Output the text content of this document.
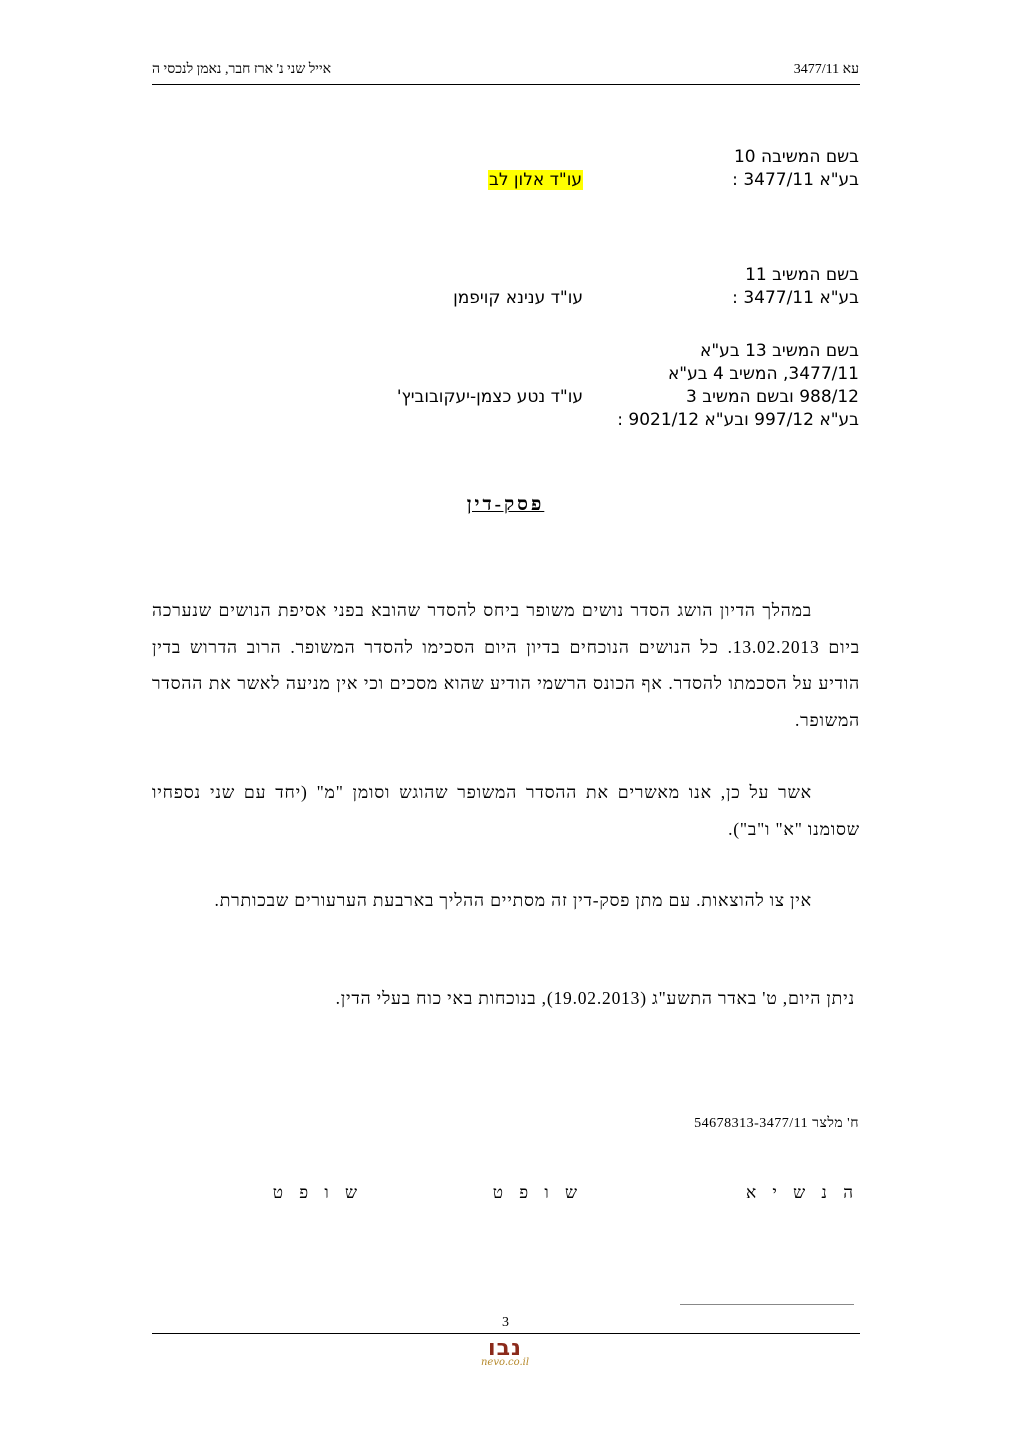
עא 3477/11
אייל שני נ' ארז חבר, נאמן לנכסי ה
בשם המשיבה 10
בע"א 3477/11 :
עו"ד אלון לב
בשם המשיב 11
בע"א 3477/11 :
עו"ד ענינא קויפמן
בשם המשיב 13 בע"א
3477/11, המשיב 4 בע"א
988/12 ובשם המשיב 3
בע"א 997/12 ובע"א 9021/12 :
עו"ד נטע כצמן-יעקובוביץ'
פסק-דין

במהלך הדיון הושג הסדר נושים משופר ביחס להסדר שהובא בפני אסיפת הנושים שנערכה ביום 13.02.2013. כל הנושים הנוכחים בדיון היום הסכימו להסדר המשופר. הרוב הדרוש בדין הודיע על הסכמתו להסדר. אף הכונס הרשמי הודיע שהוא מסכים וכי אין מניעה לאשר את ההסדר המשופר.

אשר על כן, אנו מאשרים את ההסדר המשופר שהוגש וסומן "מ" (יחד עם שני נספחיו שסומנו "א" ו"ב").

אין צו להוצאות. עם מתן פסק-דין זה מסתיים ההליך בארבעת הערעורים שבכותרת.

ניתן היום, ט' באדר התשע"ג (19.02.2013), בנוכחות באי כוח בעלי הדין.
ח' מלצר 54678313-3477/11
ה נ ש י א
ש ו פ ט
ש ו פ ט
3
נבו
nevo.co.il
